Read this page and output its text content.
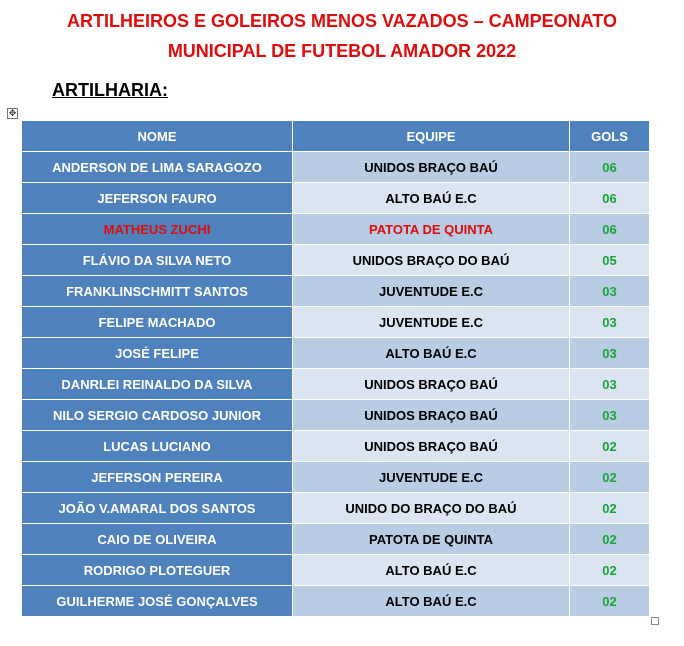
ARTILHEIROS E GOLEIROS MENOS VAZADOS – CAMPEONATO
MUNICIPAL DE FUTEBOL AMADOR 2022
ARTILHARIA:
✥
NOME	EQUIPE	GOLS
ANDERSON DE LIMA SARAGOZO	UNIDOS BRAÇO BAÚ	06
JEFERSON FAURO	ALTO BAÚ E.C	06
MATHEUS ZUCHI	PATOTA DE QUINTA	06
FLÁVIO DA SILVA NETO	UNIDOS BRAÇO DO BAÚ	05
FRANKLINSCHMITT SANTOS	JUVENTUDE E.C	03
FELIPE MACHADO	JUVENTUDE E.C	03
JOSÉ FELIPE	ALTO BAÚ E.C	03
DANRLEI REINALDO DA SILVA	UNIDOS BRAÇO BAÚ	03
NILO SERGIO CARDOSO JUNIOR	UNIDOS BRAÇO BAÚ	03
LUCAS LUCIANO	UNIDOS BRAÇO BAÚ	02
JEFERSON PEREIRA	JUVENTUDE E.C	02
JOÃO V.AMARAL DOS SANTOS	UNIDO DO BRAÇO DO BAÚ	02
CAIO DE OLIVEIRA	PATOTA DE QUINTA	02
RODRIGO PLOTEGUER	ALTO BAÚ E.C	02
GUILHERME JOSÉ GONÇALVES	ALTO BAÚ E.C	02
